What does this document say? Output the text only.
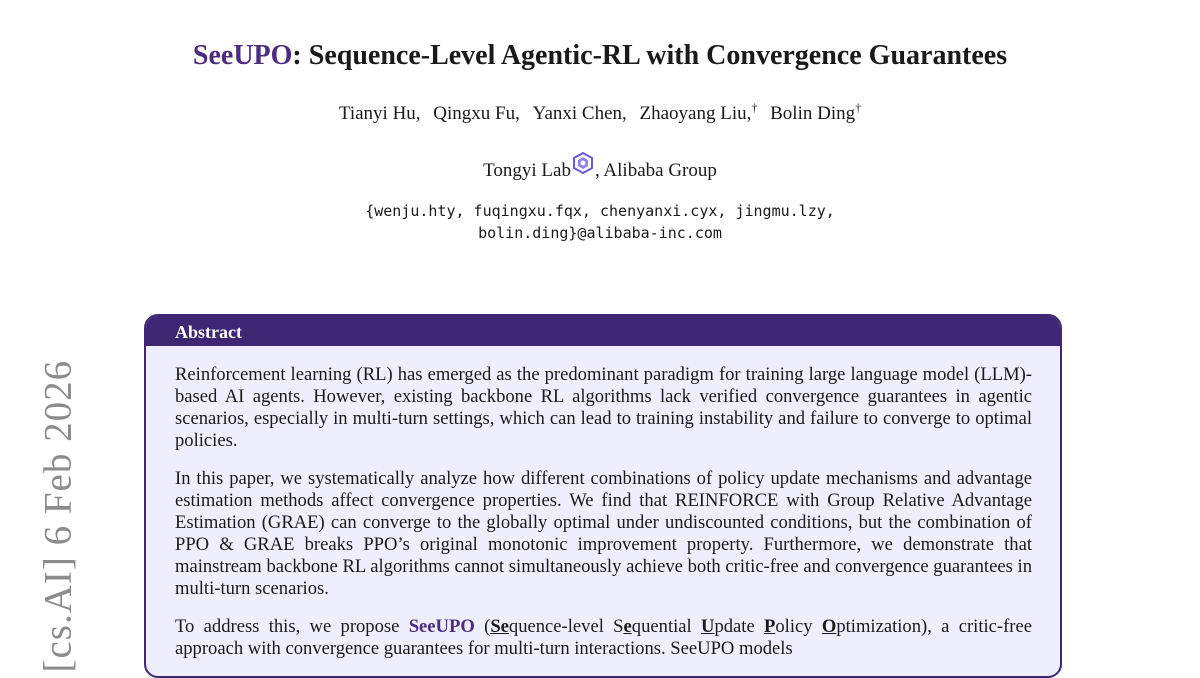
[cs.AI] 6 Feb 2026
SeeUPO: Sequence-Level Agentic-RL with Convergence Guarantees
Tianyi Hu, Qingxu Fu, Yanxi Chen, Zhaoyang Liu,† Bolin Ding†
Tongyi Lab , Alibaba Group
{wenju.hty, fuqingxu.fqx, chenyanxi.cyx, jingmu.lzy,
bolin.ding}@alibaba-inc.com
Abstract

Reinforcement learning (RL) has emerged as the predominant paradigm for training large language model (LLM)-based AI agents. However, existing backbone RL algorithms lack verified convergence guarantees in agentic scenarios, especially in multi-turn settings, which can lead to training instability and failure to converge to optimal policies.

In this paper, we systematically analyze how different combinations of policy update mechanisms and advantage estimation methods affect convergence properties. We find that REINFORCE with Group Relative Advantage Estimation (GRAE) can converge to the globally optimal under undiscounted conditions, but the combination of PPO & GRAE breaks PPO’s original monotonic improvement property. Furthermore, we demonstrate that mainstream backbone RL algorithms cannot simultaneously achieve both critic-free and convergence guarantees in multi-turn scenarios.

To address this, we propose SeeUPO (Sequence-level Sequential Update Policy Optimization), a critic-free approach with convergence guarantees for multi-turn interactions. SeeUPO models
